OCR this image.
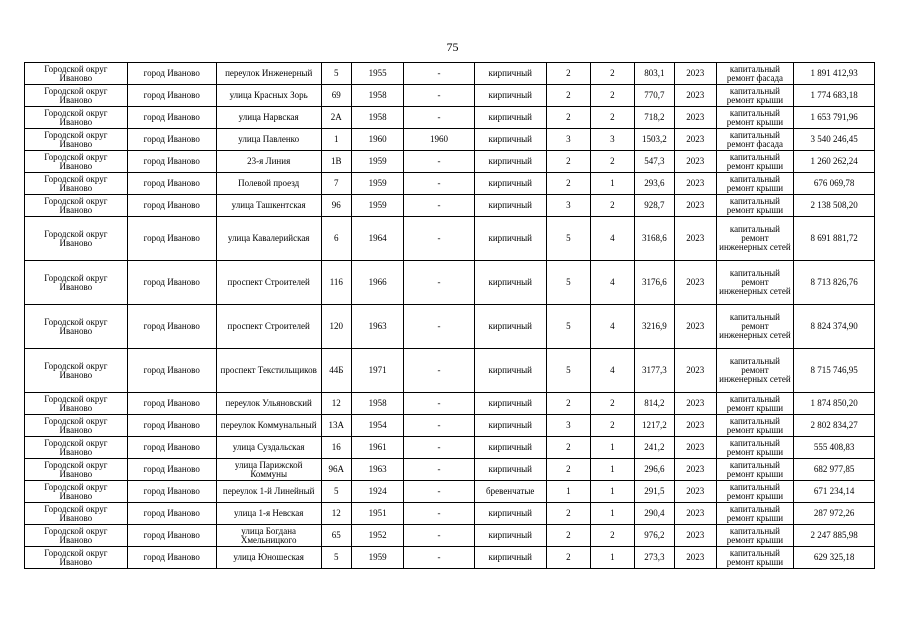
75
Городской округ Иваново	город Иваново	переулок Инженерный	5	1955	-	кирпичный	2	2	803,1	2023	капитальный ремонт фасада	1 891 412,93
Городской округ Иваново	город Иваново	улица Красных Зорь	69	1958	-	кирпичный	2	2	770,7	2023	капитальный ремонт крыши	1 774 683,18
Городской округ Иваново	город Иваново	улица Нарвская	2А	1958	-	кирпичный	2	2	718,2	2023	капитальный ремонт крыши	1 653 791,96
Городской округ Иваново	город Иваново	улица Павленко	1	1960	1960	кирпичный	3	3	1503,2	2023	капитальный ремонт фасада	3 540 246,45
Городской округ Иваново	город Иваново	23-я Линия	1В	1959	-	кирпичный	2	2	547,3	2023	капитальный ремонт крыши	1 260 262,24
Городской округ Иваново	город Иваново	Полевой проезд	7	1959	-	кирпичный	2	1	293,6	2023	капитальный ремонт крыши	676 069,78
Городской округ Иваново	город Иваново	улица Ташкентская	96	1959	-	кирпичный	3	2	928,7	2023	капитальный ремонт крыши	2 138 508,20
Городской округ Иваново	город Иваново	улица Кавалерийская	6	1964	-	кирпичный	5	4	3168,6	2023	капитальный ремонт инженерных сетей	8 691 881,72
Городской округ Иваново	город Иваново	проспект Строителей	116	1966	-	кирпичный	5	4	3176,6	2023	капитальный ремонт инженерных сетей	8 713 826,76
Городской округ Иваново	город Иваново	проспект Строителей	120	1963	-	кирпичный	5	4	3216,9	2023	капитальный ремонт инженерных сетей	8 824 374,90
Городской округ Иваново	город Иваново	проспект Текстильщиков	44Б	1971	-	кирпичный	5	4	3177,3	2023	капитальный ремонт инженерных сетей	8 715 746,95
Городской округ Иваново	город Иваново	переулок Ульяновский	12	1958	-	кирпичный	2	2	814,2	2023	капитальный ремонт крыши	1 874 850,20
Городской округ Иваново	город Иваново	переулок Коммунальный	13А	1954	-	кирпичный	3	2	1217,2	2023	капитальный ремонт крыши	2 802 834,27
Городской округ Иваново	город Иваново	улица Суздальская	16	1961	-	кирпичный	2	1	241,2	2023	капитальный ремонт крыши	555 408,83
Городской округ Иваново	город Иваново	улица Парижской Коммуны	96А	1963	-	кирпичный	2	1	296,6	2023	капитальный ремонт крыши	682 977,85
Городской округ Иваново	город Иваново	переулок 1-й Линейный	5	1924	-	бревенчатые	1	1	291,5	2023	капитальный ремонт крыши	671 234,14
Городской округ Иваново	город Иваново	улица 1-я Невская	12	1951	-	кирпичный	2	1	290,4	2023	капитальный ремонт крыши	287 972,26
Городской округ Иваново	город Иваново	улица Богдана Хмельницкого	65	1952	-	кирпичный	2	2	976,2	2023	капитальный ремонт крыши	2 247 885,98
Городской округ Иваново	город Иваново	улица Юношеская	5	1959	-	кирпичный	2	1	273,3	2023	капитальный ремонт крыши	629 325,18
